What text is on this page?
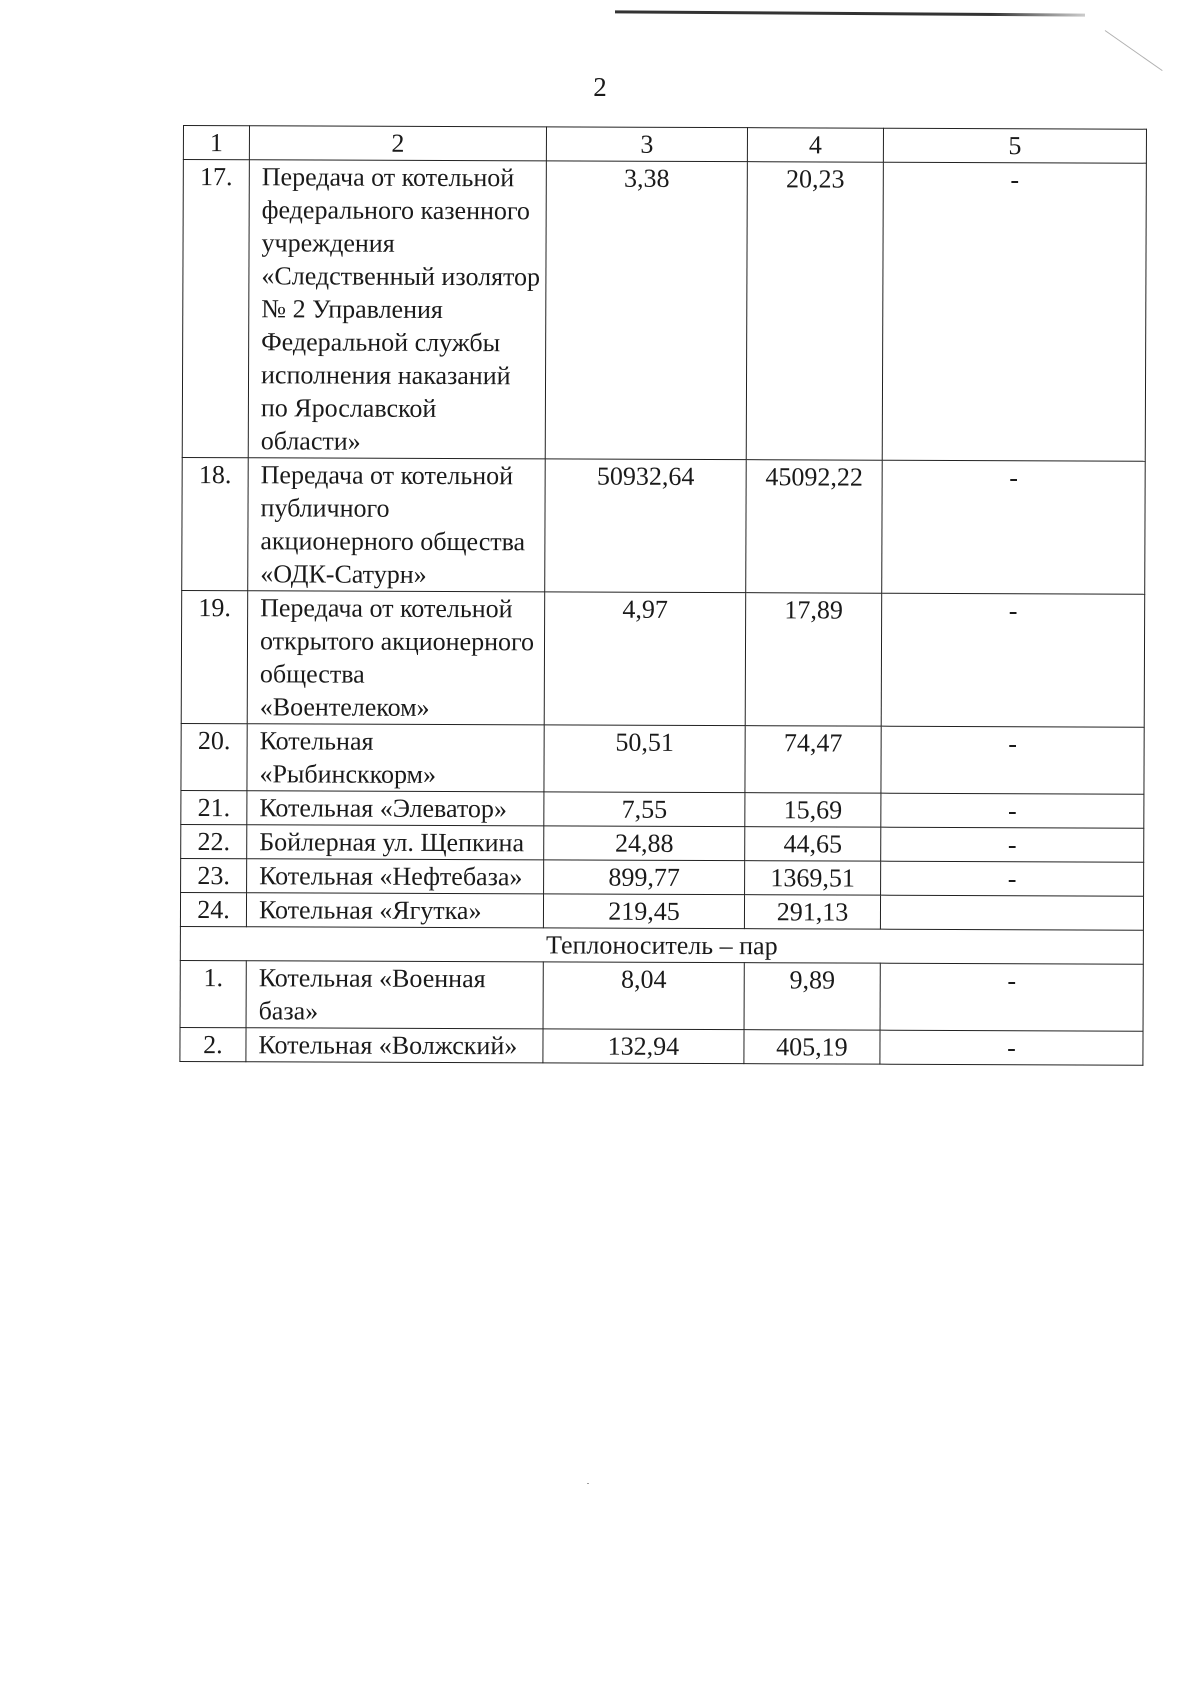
2
1	2	3	4	5
17.	Передача от котельной федерального казенного учреждения «Следственный изолятор № 2 Управления Федеральной службы исполнения наказаний по Ярославской области»	3,38	20,23	-
18.	Передача от котельной публичного акционерного общества «ОДК-Сатурн»	50932,64	45092,22	-
19.	Передача от котельной открытого акционерного общества «Воентелеком»	4,97	17,89	-
20.	Котельная «Рыбинсккорм»	50,51	74,47	-
21.	Котельная «Элеватор»	7,55	15,69	-
22.	Бойлерная ул. Щепкина	24,88	44,65	-
23.	Котельная «Нефтебаза»	899,77	1369,51	-
24.	Котельная «Ягутка»	219,45	291,13	
Теплоноситель – пар				
1.	Котельная «Военная база»	8,04	9,89	-
2.	Котельная «Волжский»	132,94	405,19	-
